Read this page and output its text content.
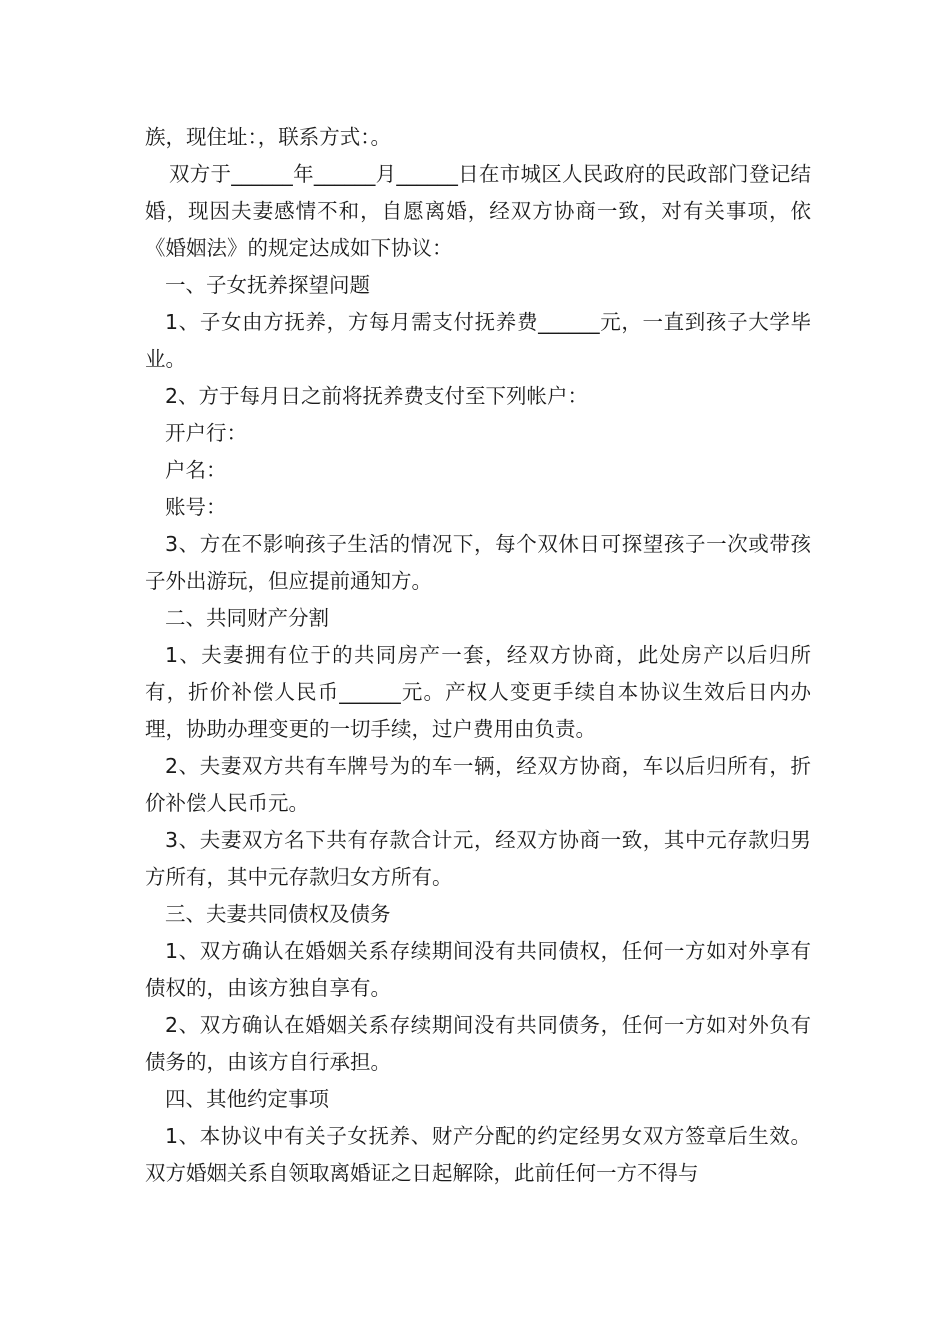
族，现住址：，联系方式：。

双方于______年______月______日在市城区人民政府的民政部门登记结婚，现因夫妻感情不和，自愿离婚，经双方协商一致，对有关事项，依《婚姻法》的规定达成如下协议：

一、子女抚养探望问题

1、子女由方抚养，方每月需支付抚养费______元，一直到孩子大学毕业。

2、方于每月日之前将抚养费支付至下列帐户：

开户行：

户名：

账号：

3、方在不影响孩子生活的情况下，每个双休日可探望孩子一次或带孩子外出游玩，但应提前通知方。

二、共同财产分割

1、夫妻拥有位于的共同房产一套，经双方协商，此处房产以后归所有，折价补偿人民币______元。产权人变更手续自本协议生效后日内办理，协助办理变更的一切手续，过户费用由负责。

2、夫妻双方共有车牌号为的车一辆，经双方协商，车以后归所有，折价补偿人民币元。

3、夫妻双方名下共有存款合计元，经双方协商一致，其中元存款归男方所有，其中元存款归女方所有。

三、夫妻共同债权及债务

1、双方确认在婚姻关系存续期间没有共同债权，任何一方如对外享有债权的，由该方独自享有。

2、双方确认在婚姻关系存续期间没有共同债务，任何一方如对外负有债务的，由该方自行承担。

四、其他约定事项

1、本协议中有关子女抚养、财产分配的约定经男女双方签章后生效。双方婚姻关系自领取离婚证之日起解除，此前任何一方不得与
